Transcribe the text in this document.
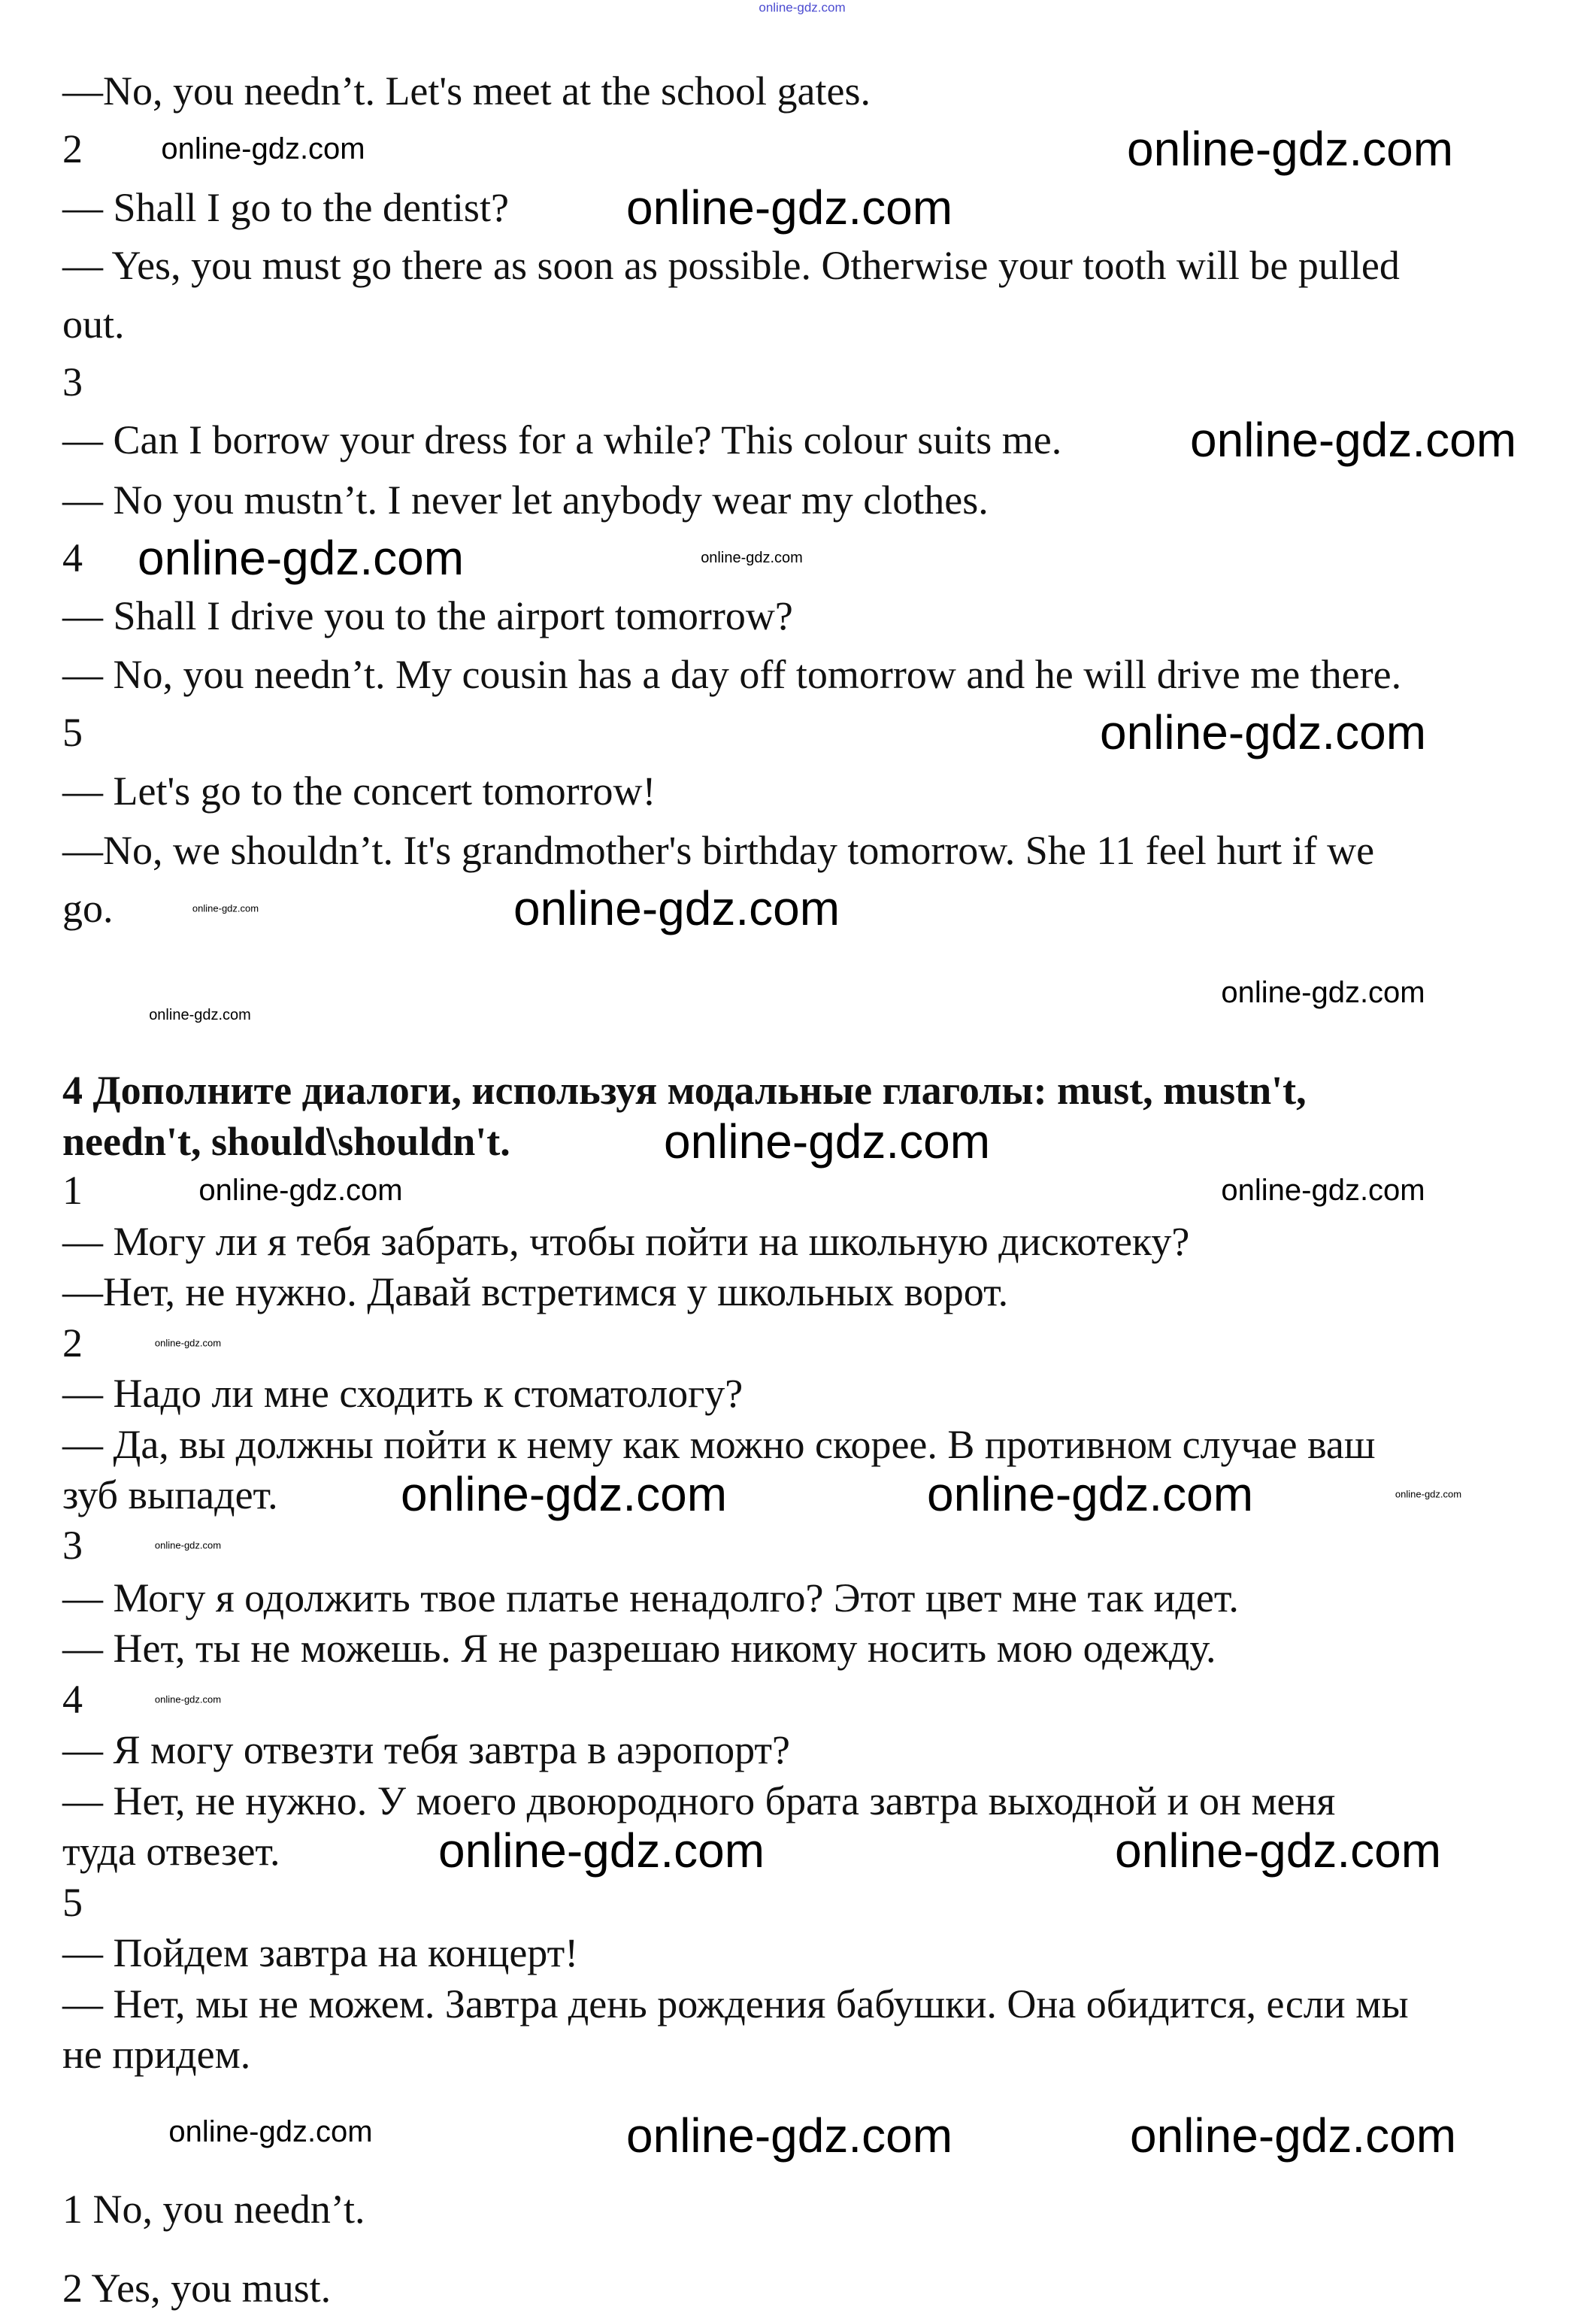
—No, you needn’t. Let's meet at the school gates.
2
— Shall I go to the dentist?
— Yes, you must go there as soon as possible. Otherwise your tooth will be pulled
out.
3
— Can I borrow your dress for a while? This colour suits me.
— No you mustn’t. I never let anybody wear my clothes.
4
— Shall I drive you to the airport tomorrow?
— No, you needn’t. My cousin has a day off tomorrow and he will drive me there.
5
— Let's go to the concert tomorrow!
—No, we shouldn’t. It's grandmother's birthday tomorrow. She 11 feel hurt if we
go.
4 Дополните диалоги, используя модальные глаголы: must, mustn't,
needn't, should\shouldn't.
1
— Могу ли я тебя забрать, чтобы пойти на школьную дискотеку?
—Нет, не нужно. Давай встретимся у школьных ворот.
2
— Надо ли мне сходить к стоматологу?
— Да, вы должны пойти к нему как можно скорее. В противном случае ваш
зуб выпадет.
3
— Могу я одолжить твое платье ненадолго? Этот цвет мне так идет.
— Нет, ты не можешь. Я не разрешаю никому носить мою одежду.
4
— Я могу отвезти тебя завтра в аэропорт?
— Нет, не нужно. У моего двоюродного брата завтра выходной и он меня
туда отвезет.
5
— Пойдем завтра на концерт!
— Нет, мы не можем. Завтра день рождения бабушки. Она обидится, если мы
не придем.
1 No, you needn’t.
2 Yes, you must.
online-gdz.com
online-gdz.com	online-gdz.com
online-gdz.com
online-gdz.com
online-gdz.com	online-gdz.com
online-gdz.com
online-gdz.com	online-gdz.com
online-gdz.com
online-gdz.com
online-gdz.com
online-gdz.com	online-gdz.com
online-gdz.com
online-gdz.com
online-gdz.com
online-gdz.com
online-gdz.com	online-gdz.com
online-gdz.com	online-gdz.com
online-gdz.com	online-gdz.com	online-gdz.com
